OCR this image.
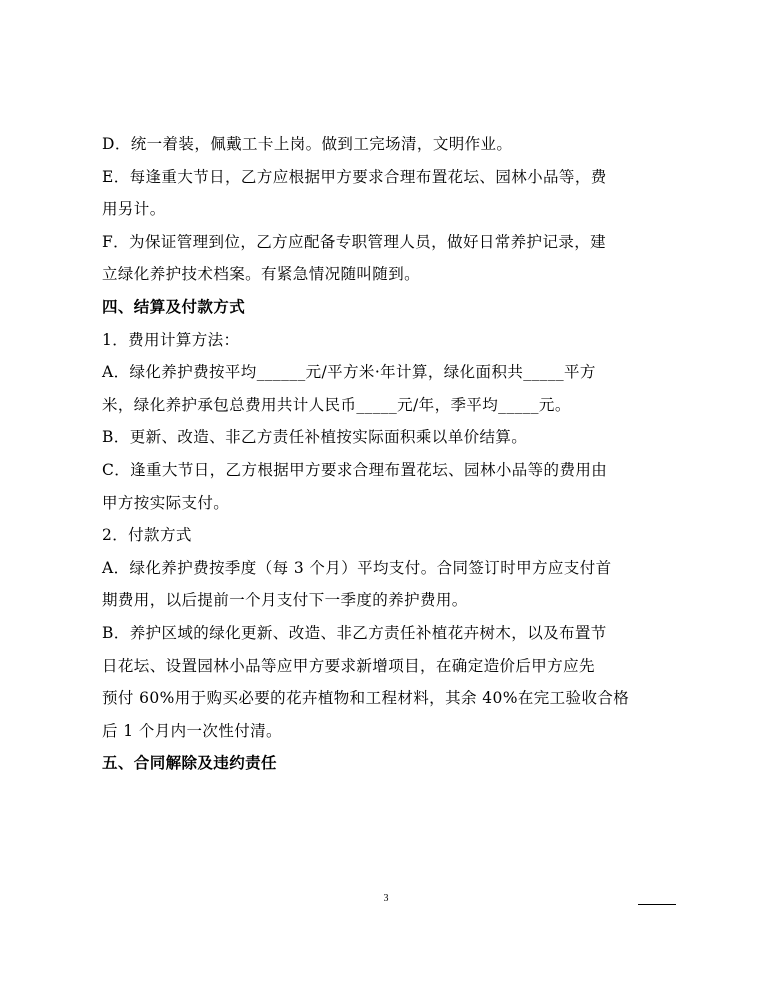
D．统一着装，佩戴工卡上岗。做到工完场清，文明作业。
E．每逢重大节日，乙方应根据甲方要求合理布置花坛、园林小品等，费
用另计。
F．为保证管理到位，乙方应配备专职管理人员，做好日常养护记录，建
立绿化养护技术档案。有紧急情况随叫随到。
四、结算及付款方式
1．费用计算方法：
A．绿化养护费按平均______元/平方米·年计算，绿化面积共_____平方
米，绿化养护承包总费用共计人民币_____元/年，季平均_____元。
B．更新、改造、非乙方责任补植按实际面积乘以单价结算。
C．逢重大节日，乙方根据甲方要求合理布置花坛、园林小品等的费用由
甲方按实际支付。
2．付款方式
A．绿化养护费按季度（每 3 个月）平均支付。合同签订时甲方应支付首
期费用，以后提前一个月支付下一季度的养护费用。
B．养护区域的绿化更新、改造、非乙方责任补植花卉树木，以及布置节
日花坛、设置园林小品等应甲方要求新增项目，在确定造价后甲方应先
预付 60%用于购买必要的花卉植物和工程材料，其余 40%在完工验收合格
后 1 个月内一次性付清。
五、合同解除及违约责任
3
